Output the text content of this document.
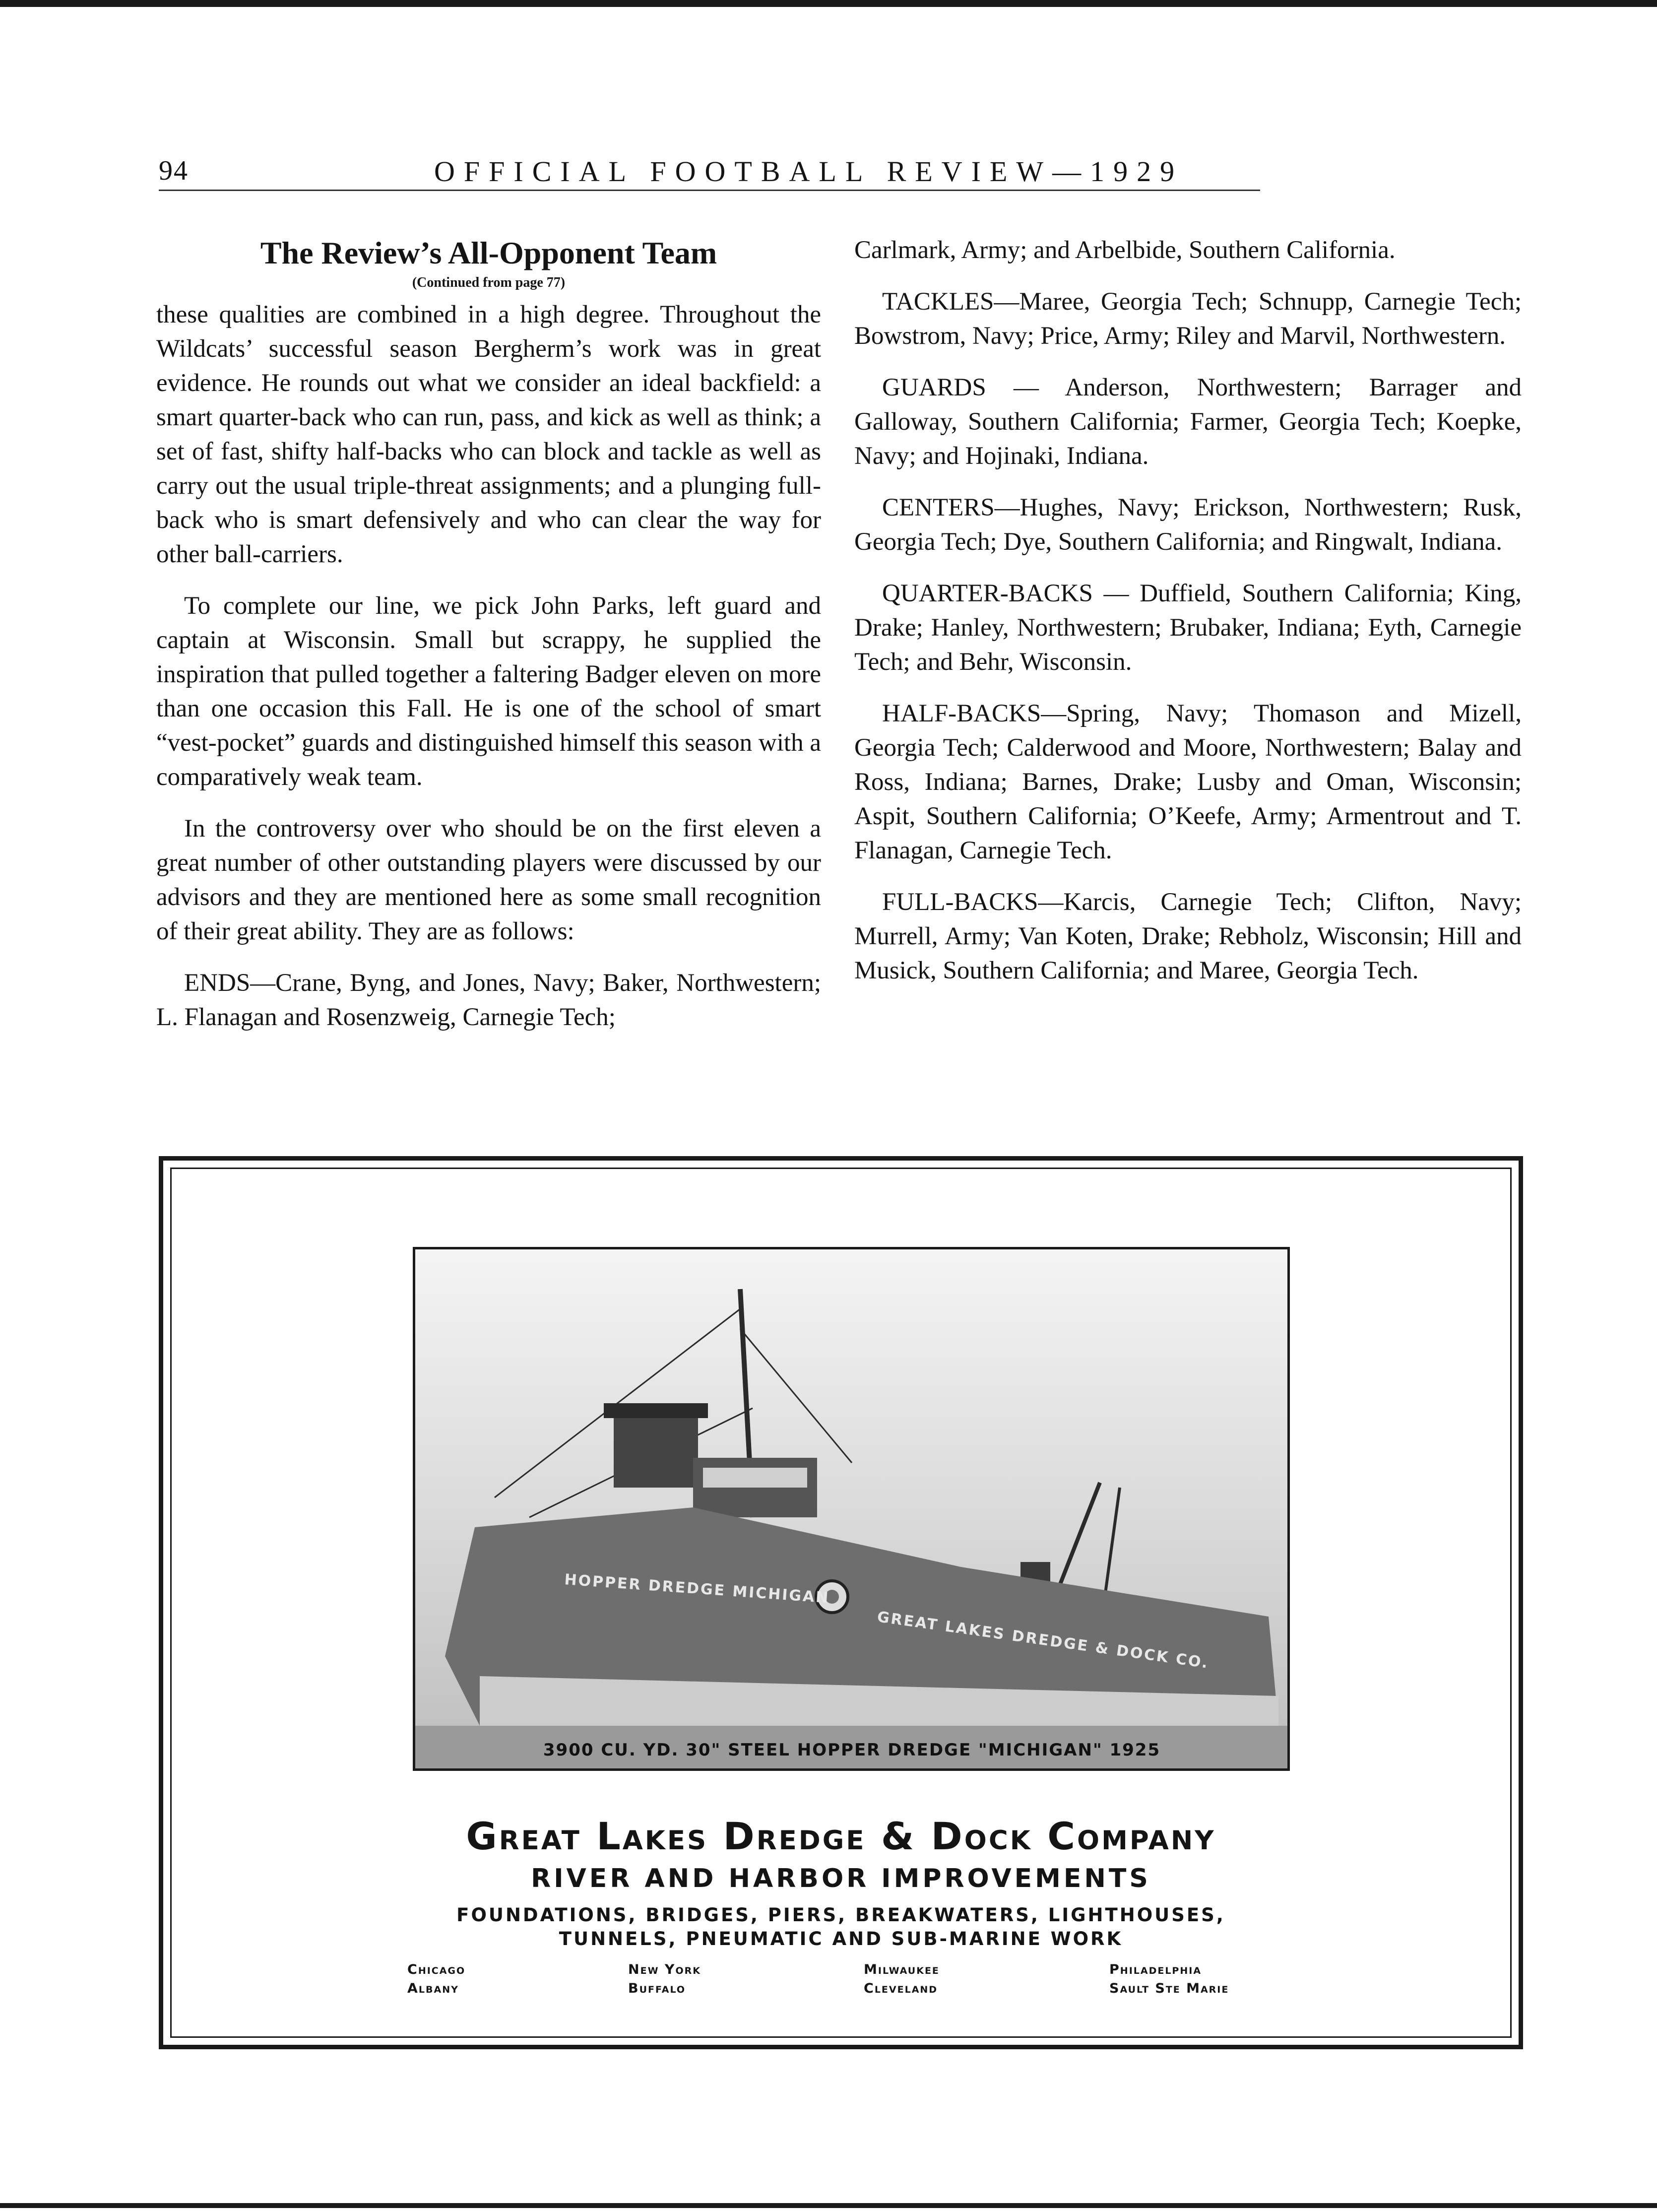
94	OFFICIAL FOOTBALL REVIEW—1929
The Review’s All-Opponent Team
(Continued from page 77)

these qualities are combined in a high degree. Throughout the Wildcats’ successful season Bergherm’s work was in great evidence. He rounds out what we consider an ideal backfield: a smart quarter-back who can run, pass, and kick as well as think; a set of fast, shifty half-backs who can block and tackle as well as carry out the usual triple-threat assignments; and a plunging full-back who is smart defensively and who can clear the way for other ball-carriers.

To complete our line, we pick John Parks, left guard and captain at Wisconsin. Small but scrappy, he supplied the inspiration that pulled together a faltering Badger eleven on more than one occasion this Fall. He is one of the school of smart “vest-pocket” guards and distinguished himself this season with a comparatively weak team.

In the controversy over who should be on the first eleven a great number of other outstanding players were discussed by our advisors and they are mentioned here as some small recognition of their great ability. They are as follows:

ENDS—Crane, Byng, and Jones, Navy; Baker, Northwestern; L. Flanagan and Rosenzweig, Carnegie Tech;

Carlmark, Army; and Arbelbide, Southern California.

TACKLES—Maree, Georgia Tech; Schnupp, Carnegie Tech; Bowstrom, Navy; Price, Army; Riley and Marvil, Northwestern.

GUARDS — Anderson, Northwestern; Barrager and Galloway, Southern California; Farmer, Georgia Tech; Koepke, Navy; and Hojinaki, Indiana.

CENTERS—Hughes, Navy; Erickson, Northwestern; Rusk, Georgia Tech; Dye, Southern California; and Ringwalt, Indiana.

QUARTER-BACKS — Duffield, Southern California; King, Drake; Hanley, Northwestern; Brubaker, Indiana; Eyth, Carnegie Tech; and Behr, Wisconsin.

HALF-BACKS—Spring, Navy; Thomason and Mizell, Georgia Tech; Calderwood and Moore, Northwestern; Balay and Ross, Indiana; Barnes, Drake; Lusby and Oman, Wisconsin; Aspit, Southern California; O’Keefe, Army; Armentrout and T. Flanagan, Carnegie Tech.

FULL-BACKS—Karcis, Carnegie Tech; Clifton, Navy; Murrell, Army; Van Koten, Drake; Rebholz, Wisconsin; Hill and Musick, Southern California; and Maree, Georgia Tech.

HOPPER DREDGE MICHIGAN
GREAT LAKES DREDGE & DOCK CO.
3900 CU. YD. 30" STEEL HOPPER DREDGE "MICHIGAN" 1925
Great Lakes Dredge & Dock Company
RIVER AND HARBOR IMPROVEMENTS
FOUNDATIONS, BRIDGES, PIERS, BREAKWATERS, LIGHTHOUSES,
TUNNELS, PNEUMATIC AND SUB-MARINE WORK
Chicago
Albany
New York
Buffalo
Milwaukee
Cleveland
Philadelphia
Sault Ste Marie
